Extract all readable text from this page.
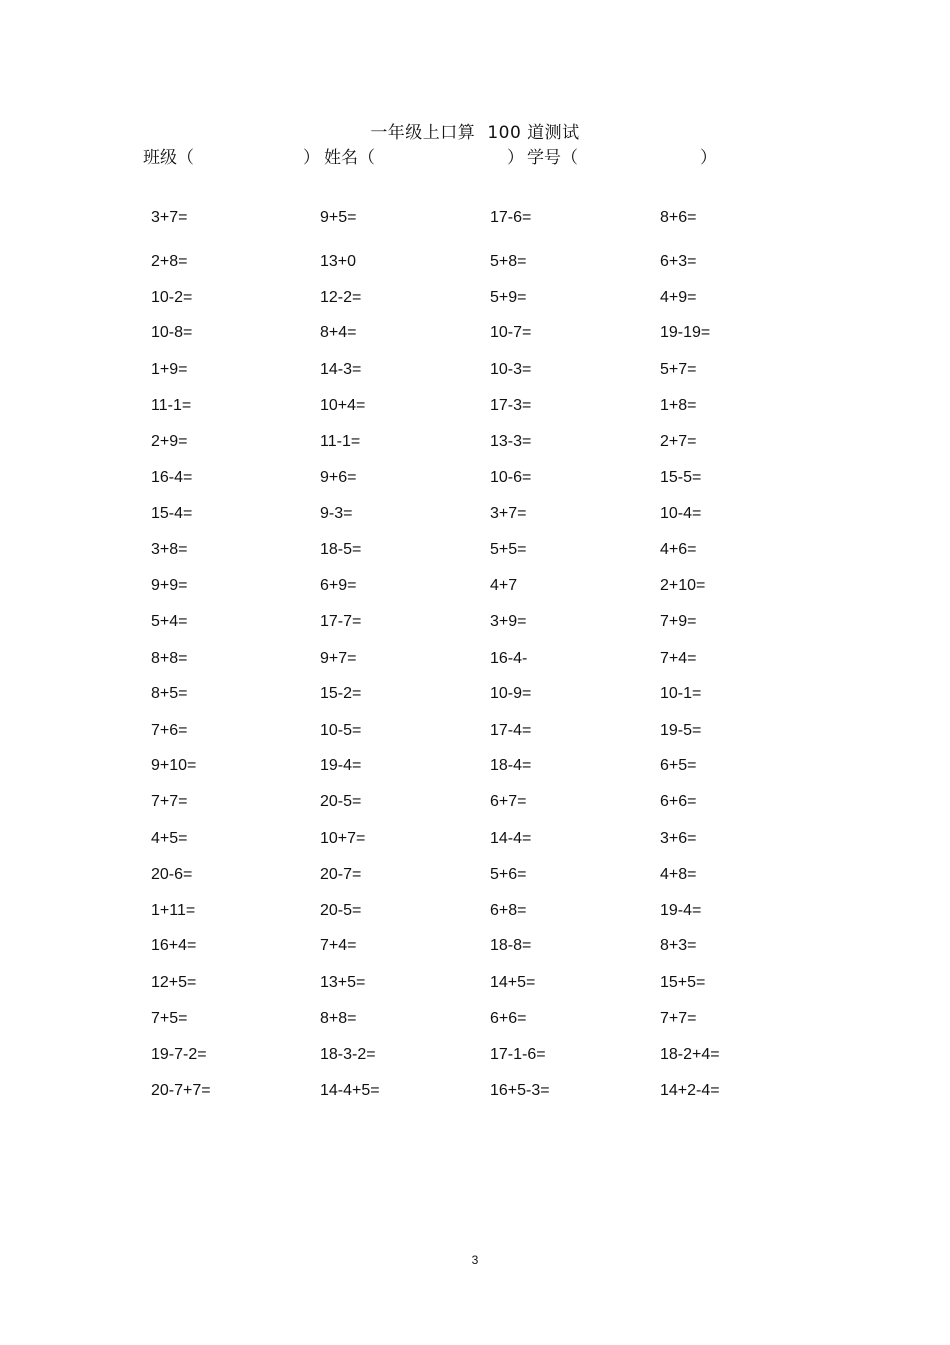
一年级上口算 100 道测试
班级（	） 姓名（	） 学号（	）
3+7=	9+5=	17-6=	8+6=
2+8=	13+0	5+8=	6+3=
10-2=	12-2=	5+9=	4+9=
10-8=	8+4=	10-7=	19-19=
1+9=	14-3=	10-3=	5+7=
11-1=	10+4=	17-3=	1+8=
2+9=	11-1=	13-3=	2+7=
16-4=	9+6=	10-6=	15-5=
15-4=	9-3=	3+7=	10-4=
3+8=	18-5=	5+5=	4+6=
9+9=	6+9=	4+7	2+10=
5+4=	17-7=	3+9=	7+9=
8+8=	9+7=	16-4-	7+4=
8+5=	15-2=	10-9=	10-1=
7+6=	10-5=	17-4=	19-5=
9+10=	19-4=	18-4=	6+5=
7+7=	20-5=	6+7=	6+6=
4+5=	10+7=	14-4=	3+6=
20-6=	20-7=	5+6=	4+8=
1+11=	20-5=	6+8=	19-4=
16+4=	7+4=	18-8=	8+3=
12+5=	13+5=	14+5=	15+5=
7+5=	8+8=	6+6=	7+7=
19-7-2=	18-3-2=	17-1-6=	18-2+4=
20-7+7=	14-4+5=	16+5-3=	14+2-4=
3
